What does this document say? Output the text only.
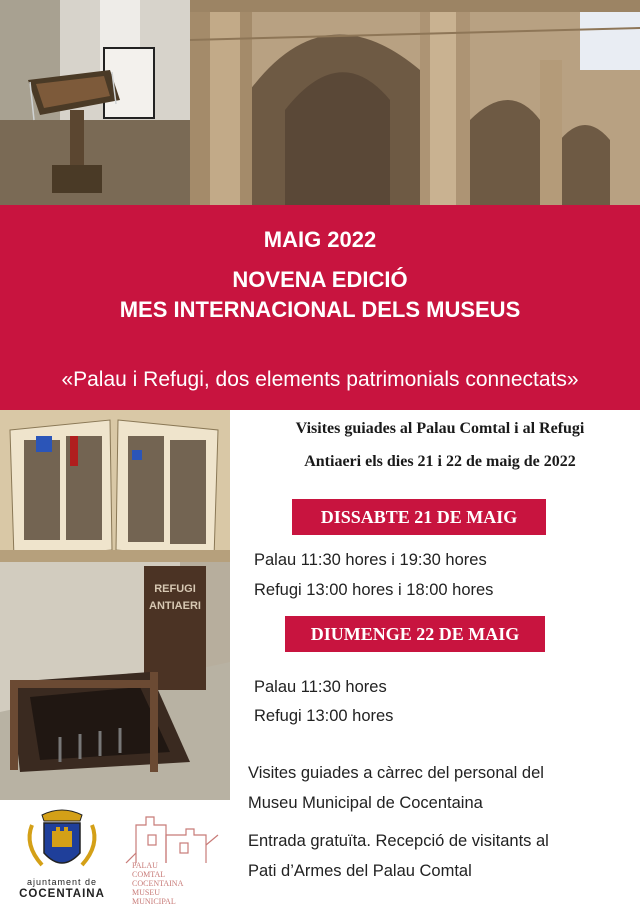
MAIG 2022
NOVENA EDICIÓ
MES INTERNACIONAL DELS MUSEUS
«Palau i Refugi, dos elements patrimonials connectats»
REFUGI
ANTIAERI
Visites guiades al Palau Comtal i al Refugi
Antiaeri els dies 21 i 22 de maig de 2022
DISSABTE 21 DE MAIG
Palau 11:30 hores i 19:30 hores
Refugi 13:00 hores i 18:00 hores
DIUMENGE 22 DE MAIG
Palau 11:30 hores
Refugi 13:00 hores
Visites guiades a càrrec del personal del
Museu Municipal de Cocentaina
Entrada gratuïta. Recepció de visitants al
Pati d’Armes del Palau Comtal
ajuntament de
COCENTAINA
PALAU
COMTAL
COCENTAINA
MUSEU MUNICIPAL
